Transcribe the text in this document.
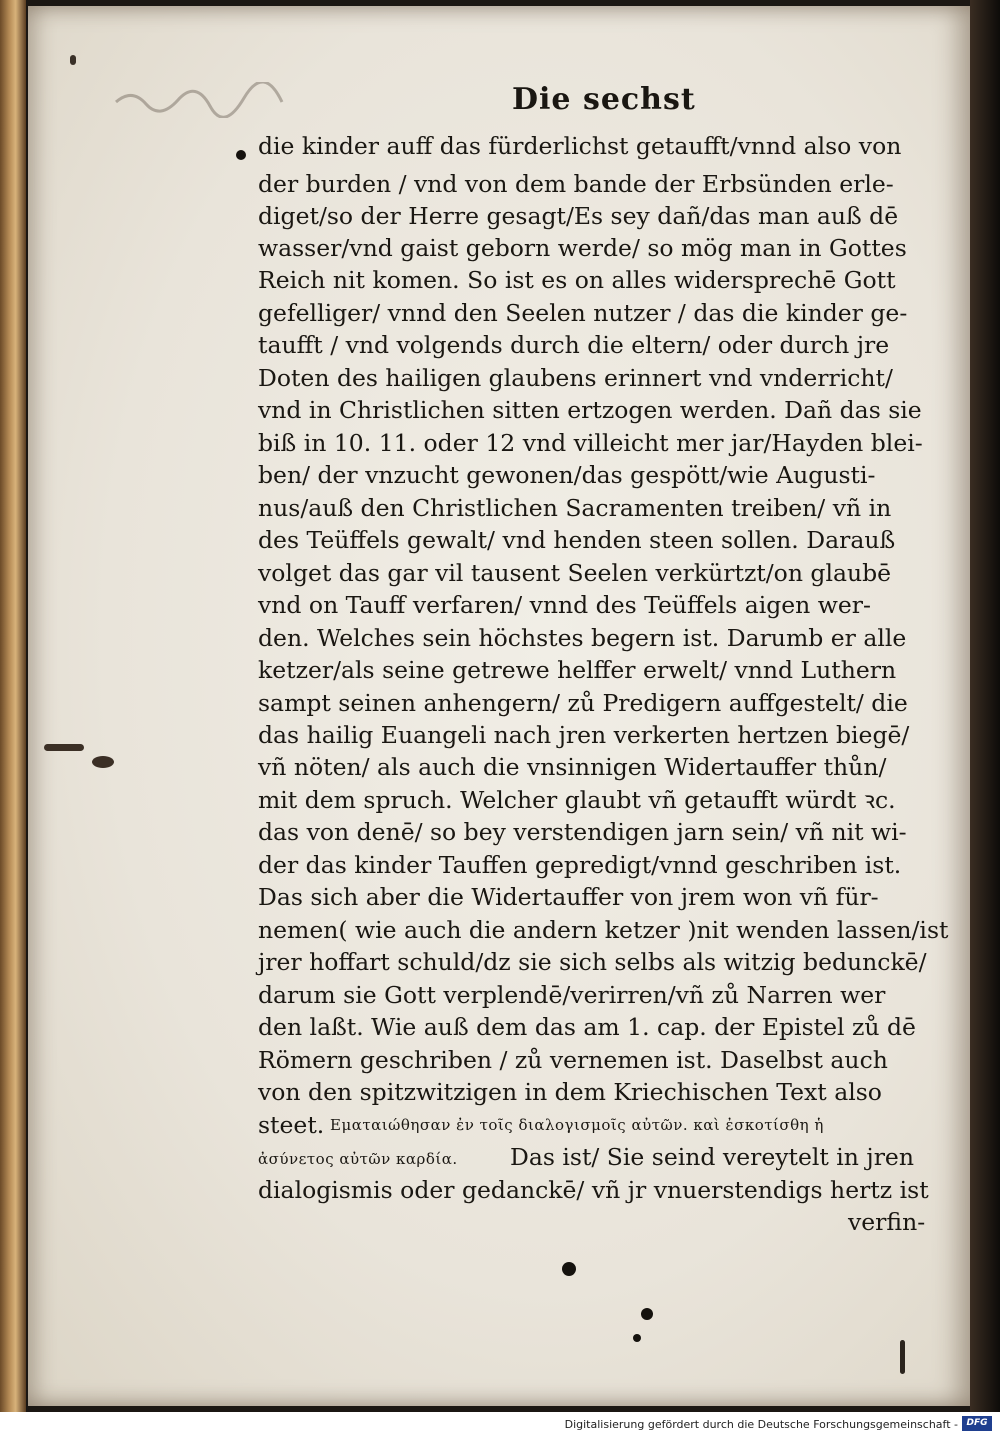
Die sechst
die kinder auff das fürderlichst getaufft/vnnd also von
der burden / vnd von dem bande der Erbsünden erle-
diget/so der Herre gesagt/Es sey dañ/das man auß dē
wasser/vnd gaist geborn werde/ so mög man in Gottes
Reich nit komen. So ist es on alles widersprechē Gott
gefelliger/ vnnd den Seelen nutzer / das die kinder ge-
taufft / vnd volgends durch die eltern/ oder durch jre
Doten des hailigen glaubens erinnert vnd vnderricht/
vnd in Christlichen sitten ertzogen werden. Dañ das sie
biß in 10. 11. oder 12 vnd villeicht mer jar/Hayden blei-
ben/ der vnzucht gewonen/das gespött/wie Augusti-
nus/auß den Christlichen Sacramenten treiben/ vñ in
des Teüffels gewalt/ vnd henden steen sollen. Darauß
volget das gar vil tausent Seelen verkürtzt/on glaubē
vnd on Tauff verfaren/ vnnd des Teüffels aigen wer-
den. Welches sein höchstes begern ist. Darumb er alle
ketzer/als seine getrewe helffer erwelt/ vnnd Luthern
sampt seinen anhengern/ zů Predigern auffgestelt/ die
das hailig Euangeli nach jren verkerten hertzen biegē/
vñ nöten/ als auch die vnsinnigen Widertauffer thůn/
mit dem spruch. Welcher glaubt vñ getaufft würdt ꝛc.
das von denē/ so bey verstendigen jarn sein/ vñ nit wi-
der das kinder Tauffen gepredigt/vnnd geschriben ist.
Das sich aber die Widertauffer von jrem won vñ für-
nemen( wie auch die andern ketzer )nit wenden lassen/ist
jrer hoffart schuld/dz sie sich selbs als witzig bedunckē/
darum sie Gott verplendē/verirren/vñ zů Narren wer
den laßt. Wie auß dem das am 1. cap. der Epistel zů dē
Römern geschriben / zů vernemen ist. Daselbst auch
von den spitzwitzigen in dem Kriechischen Text also
steet. Εματαιώθησαν ἐν τοῖς διαλογισμοῖς αὐτῶν. καὶ ἐσκοτίσθη ἡ
ἀσύνετος αὐτῶν καρδία. Das ist/ Sie seind vereytelt in jren
dialogismis oder gedanckē/ vñ jr vnuerstendigs hertz ist
verfin-
Digitalisierung gefördert durch die Deutsche Forschungsgemeinschaft - DFG
